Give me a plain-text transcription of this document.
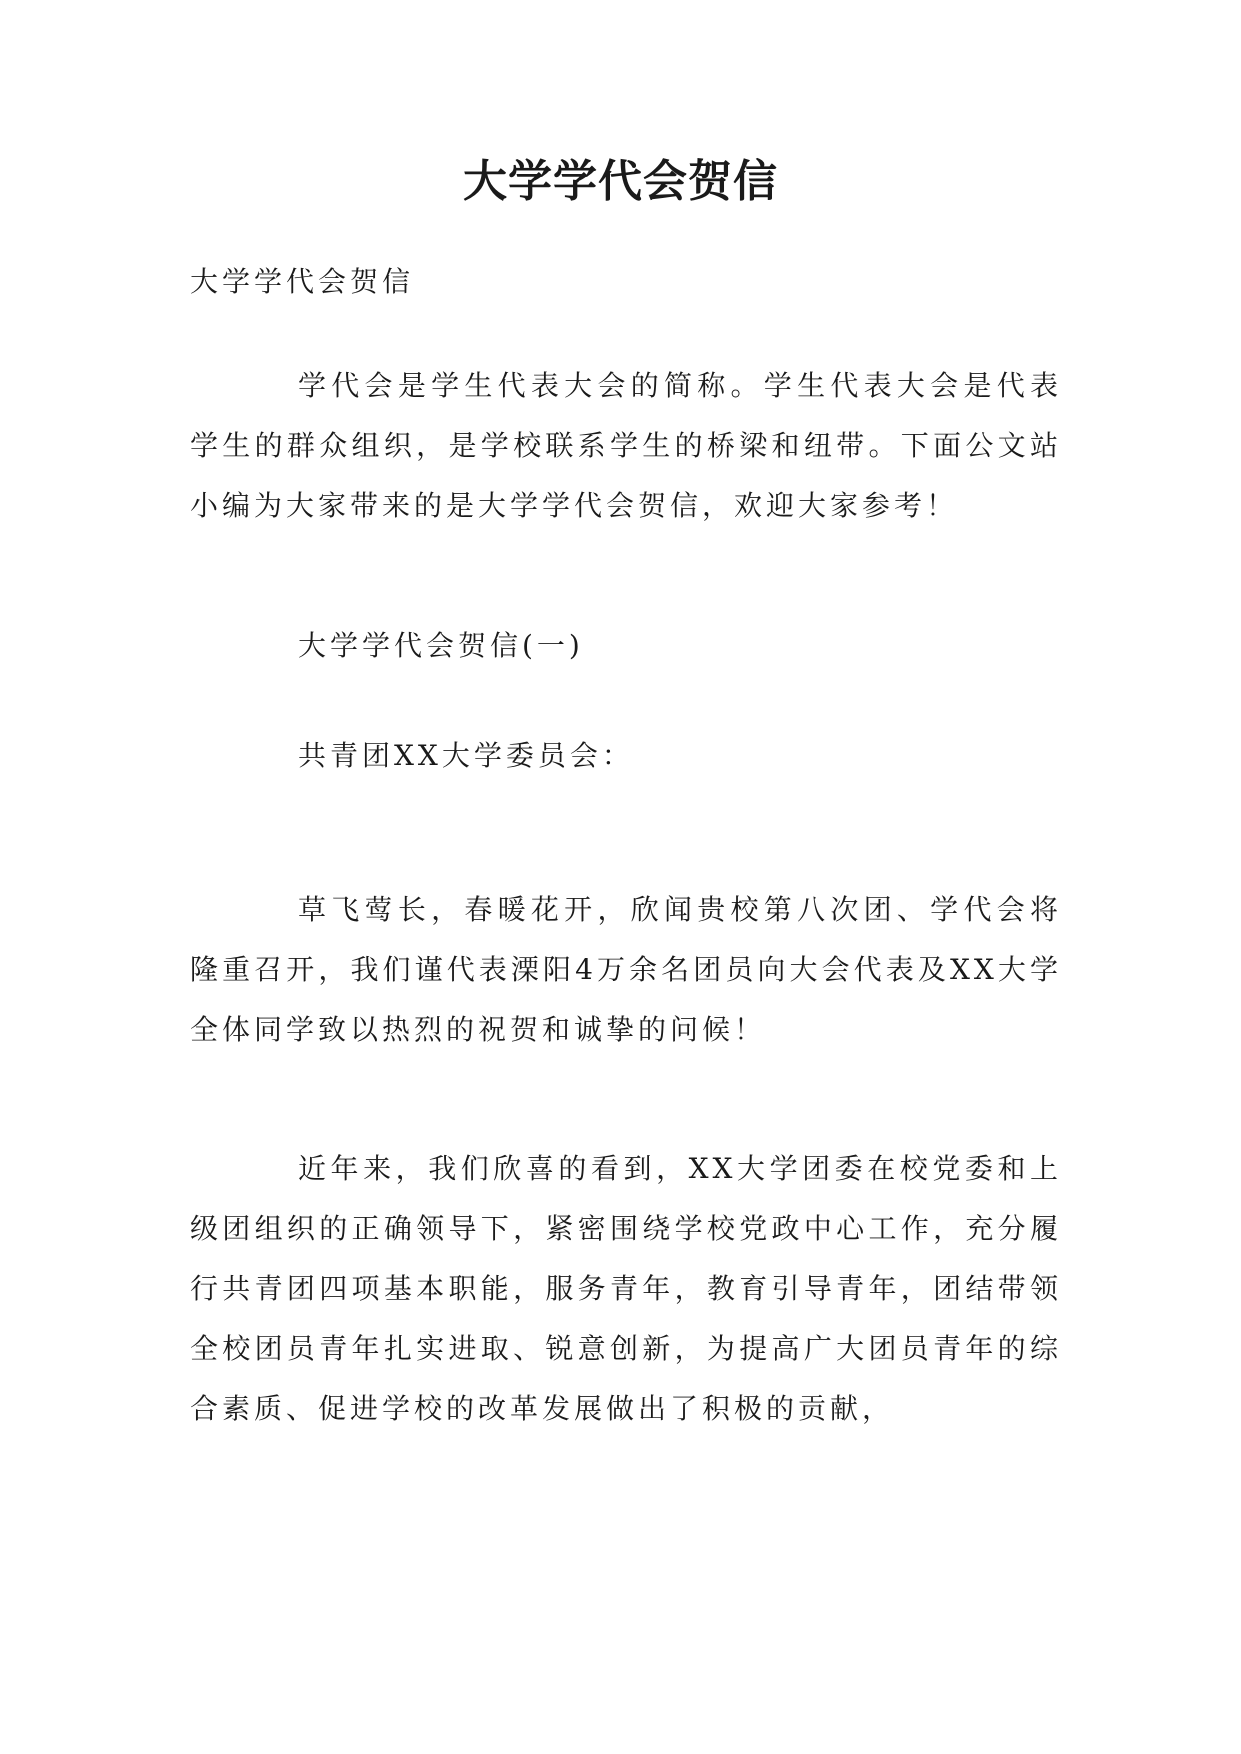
大学学代会贺信
大学学代会贺信
学代会是学生代表大会的简称。学生代表大会是代表学生的群众组织，是学校联系学生的桥梁和纽带。下面公文站小编为大家带来的是大学学代会贺信，欢迎大家参考！
大学学代会贺信(一)
共青团XX大学委员会：
草飞莺长，春暖花开，欣闻贵校第八次团、学代会将隆重召开，我们谨代表溧阳4万余名团员向大会代表及XX大学全体同学致以热烈的祝贺和诚挚的问候！
近年来，我们欣喜的看到，XX大学团委在校党委和上级团组织的正确领导下，紧密围绕学校党政中心工作，充分履行共青团四项基本职能，服务青年，教育引导青年，团结带领全校团员青年扎实进取、锐意创新，为提高广大团员青年的综合素质、促进学校的改革发展做出了积极的贡献，
